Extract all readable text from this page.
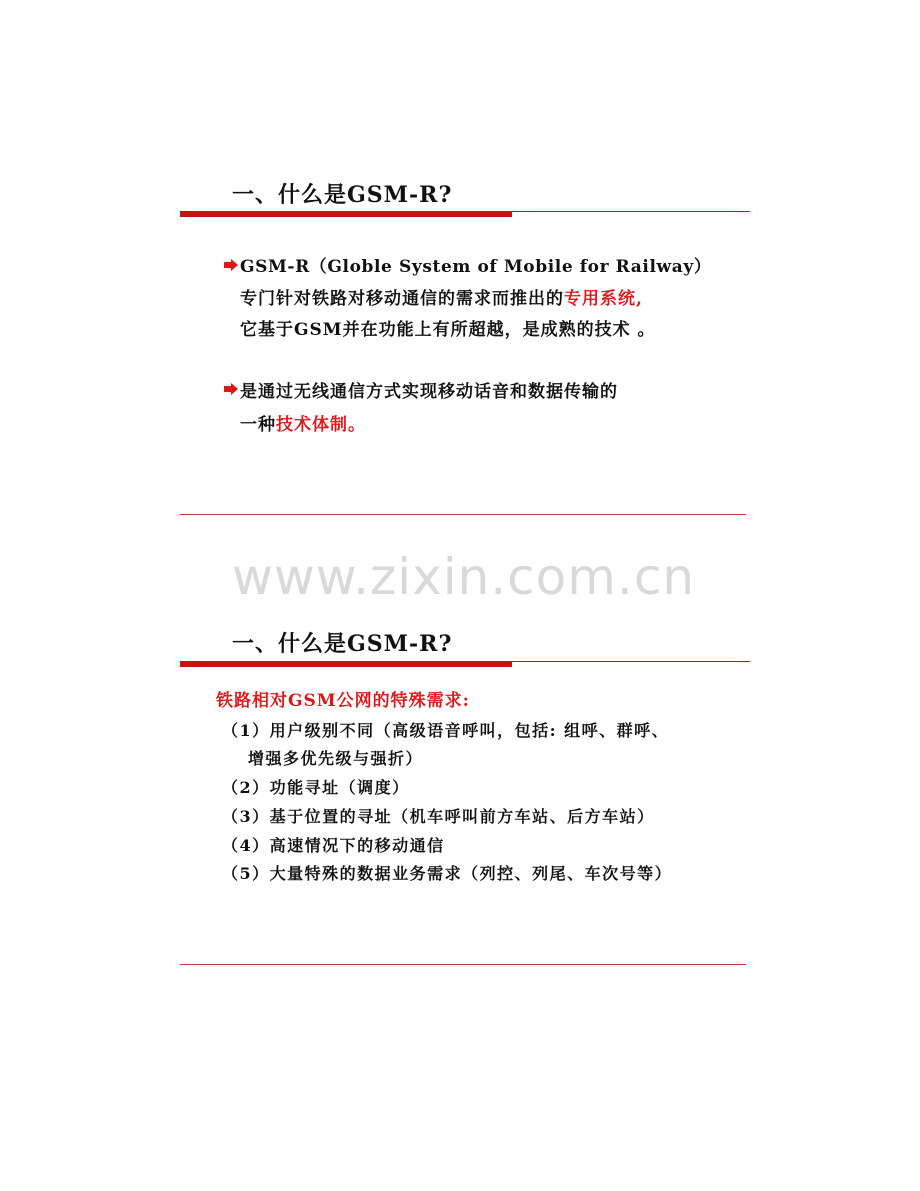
一、什么是GSM-R?
GSM-R（Globle System of Mobile for Railway）
专门针对铁路对移动通信的需求而推出的专用系统,
它基于GSM并在功能上有所超越，是成熟的技术 。
是通过无线通信方式实现移动话音和数据传输的
一种技术体制。
www.zixin.com.cn
一、什么是GSM-R?
铁路相对GSM公网的特殊需求:
（1）用户级别不同（高级语音呼叫，包括: 组呼、群呼、
增强多优先级与强折）
（2）功能寻址（调度）
（3）基于位置的寻址（机车呼叫前方车站、后方车站）
（4）高速情况下的移动通信
（5）大量特殊的数据业务需求（列控、列尾、车次号等）
